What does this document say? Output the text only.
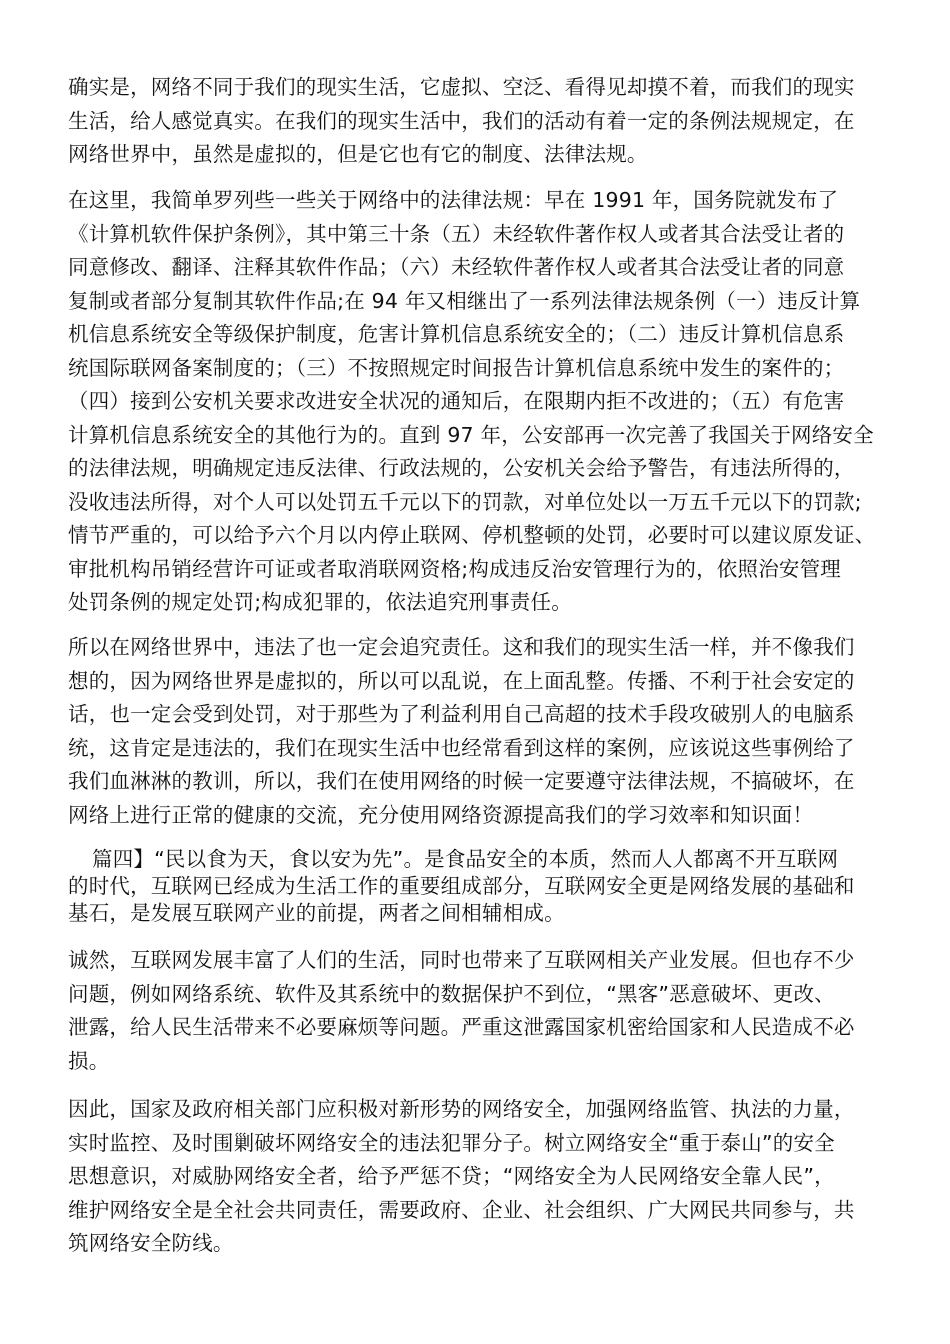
确实是，网络不同于我们的现实生活，它虚拟、空泛、看得见却摸不着，而我们的现实
生活，给人感觉真实。在我们的现实生活中，我们的活动有着一定的条例法规规定，在
网络世界中，虽然是虚拟的，但是它也有它的制度、法律法规。
在这里，我简单罗列些一些关于网络中的法律法规：早在 1991 年，国务院就发布了
《计算机软件保护条例》，其中第三十条（五）未经软件著作权人或者其合法受让者的
同意修改、翻译、注释其软件作品；（六）未经软件著作权人或者其合法受让者的同意
复制或者部分复制其软件作品;在 94 年又相继出了一系列法律法规条例（一）违反计算
机信息系统安全等级保护制度，危害计算机信息系统安全的；（二）违反计算机信息系
统国际联网备案制度的；（三）不按照规定时间报告计算机信息系统中发生的案件的；
（四）接到公安机关要求改进安全状况的通知后，在限期内拒不改进的；（五）有危害
计算机信息系统安全的其他行为的。直到 97 年，公安部再一次完善了我国关于网络安全
的法律法规，明确规定违反法律、行政法规的，公安机关会给予警告，有违法所得的，
没收违法所得，对个人可以处罚五千元以下的罚款，对单位处以一万五千元以下的罚款;
情节严重的，可以给予六个月以内停止联网、停机整顿的处罚，必要时可以建议原发证、
审批机构吊销经营许可证或者取消联网资格;构成违反治安管理行为的，依照治安管理
处罚条例的规定处罚;构成犯罪的，依法追究刑事责任。
所以在网络世界中，违法了也一定会追究责任。这和我们的现实生活一样，并不像我们
想的，因为网络世界是虚拟的，所以可以乱说，在上面乱整。传播、不利于社会安定的
话，也一定会受到处罚，对于那些为了利益利用自己高超的技术手段攻破别人的电脑系
统，这肯定是违法的，我们在现实生活中也经常看到这样的案例，应该说这些事例给了
我们血淋淋的教训，所以，我们在使用网络的时候一定要遵守法律法规，不搞破坏，在
网络上进行正常的健康的交流，充分使用网络资源提高我们的学习效率和知识面！
篇四】“民以食为天，食以安为先”。是食品安全的本质，然而人人都离不开互联网
的时代，互联网已经成为生活工作的重要组成部分，互联网安全更是网络发展的基础和
基石，是发展互联网产业的前提，两者之间相辅相成。
诚然，互联网发展丰富了人们的生活，同时也带来了互联网相关产业发展。但也存不少
问题，例如网络系统、软件及其系统中的数据保护不到位，“黑客”恶意破坏、更改、
泄露，给人民生活带来不必要麻烦等问题。严重这泄露国家机密给国家和人民造成不必
损。
因此，国家及政府相关部门应积极对新形势的网络安全，加强网络监管、执法的力量，
实时监控、及时围剿破坏网络安全的违法犯罪分子。树立网络安全“重于泰山”的安全
思想意识，对威胁网络安全者，给予严惩不贷；“网络安全为人民网络安全靠人民”，
维护网络安全是全社会共同责任，需要政府、企业、社会组织、广大网民共同参与，共
筑网络安全防线。
